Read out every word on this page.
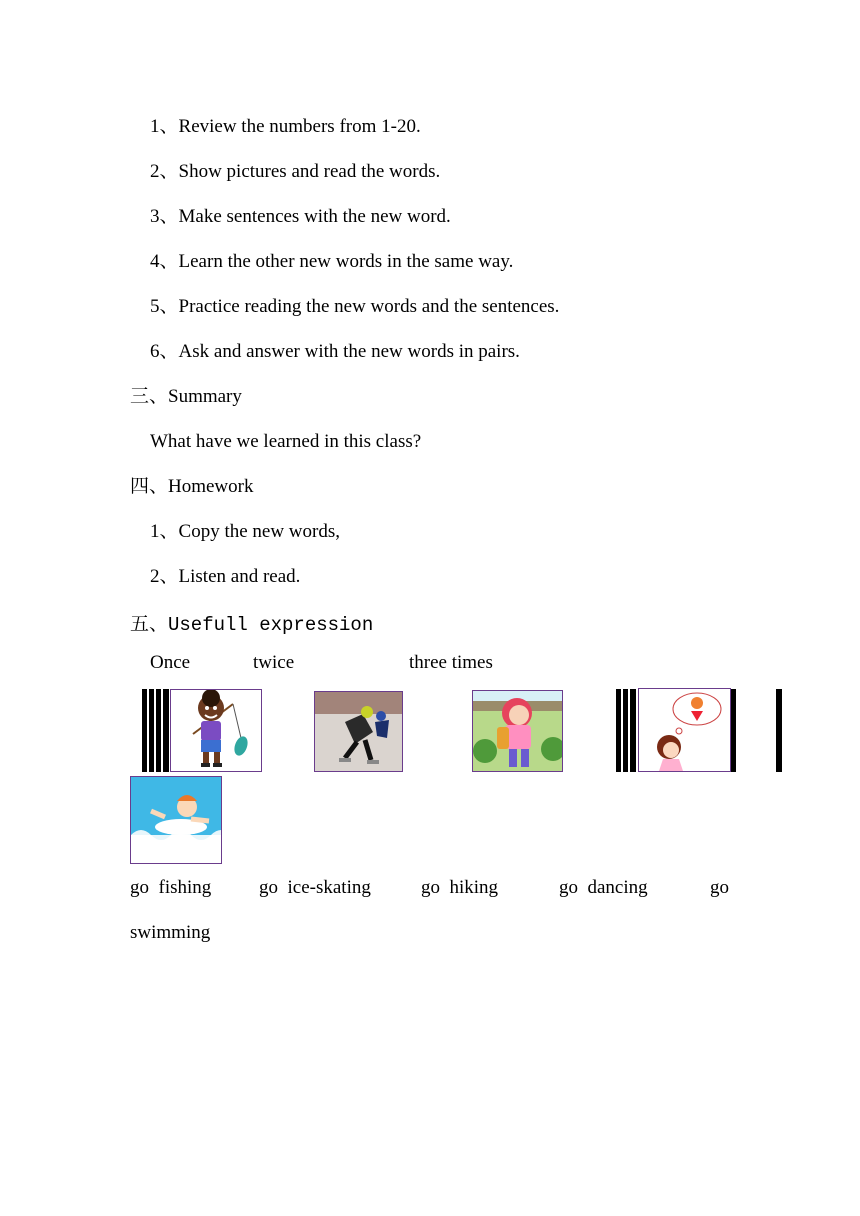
1、Review the numbers from 1-20.
2、Show pictures and read the words.
3、Make sentences with the new word.
4、Learn the other new words in the same way.
5、Practice reading the new words and the sentences.
6、Ask and answer with the new words in pairs.
三、Summary
What have we learned in this class?
四、Homework
1、Copy the new words,
2、Listen and read.
五、Usefull expression
Once	twice	three times
go  fishing	go  ice-skating	go  hiking	go  dancing	go
swimming
